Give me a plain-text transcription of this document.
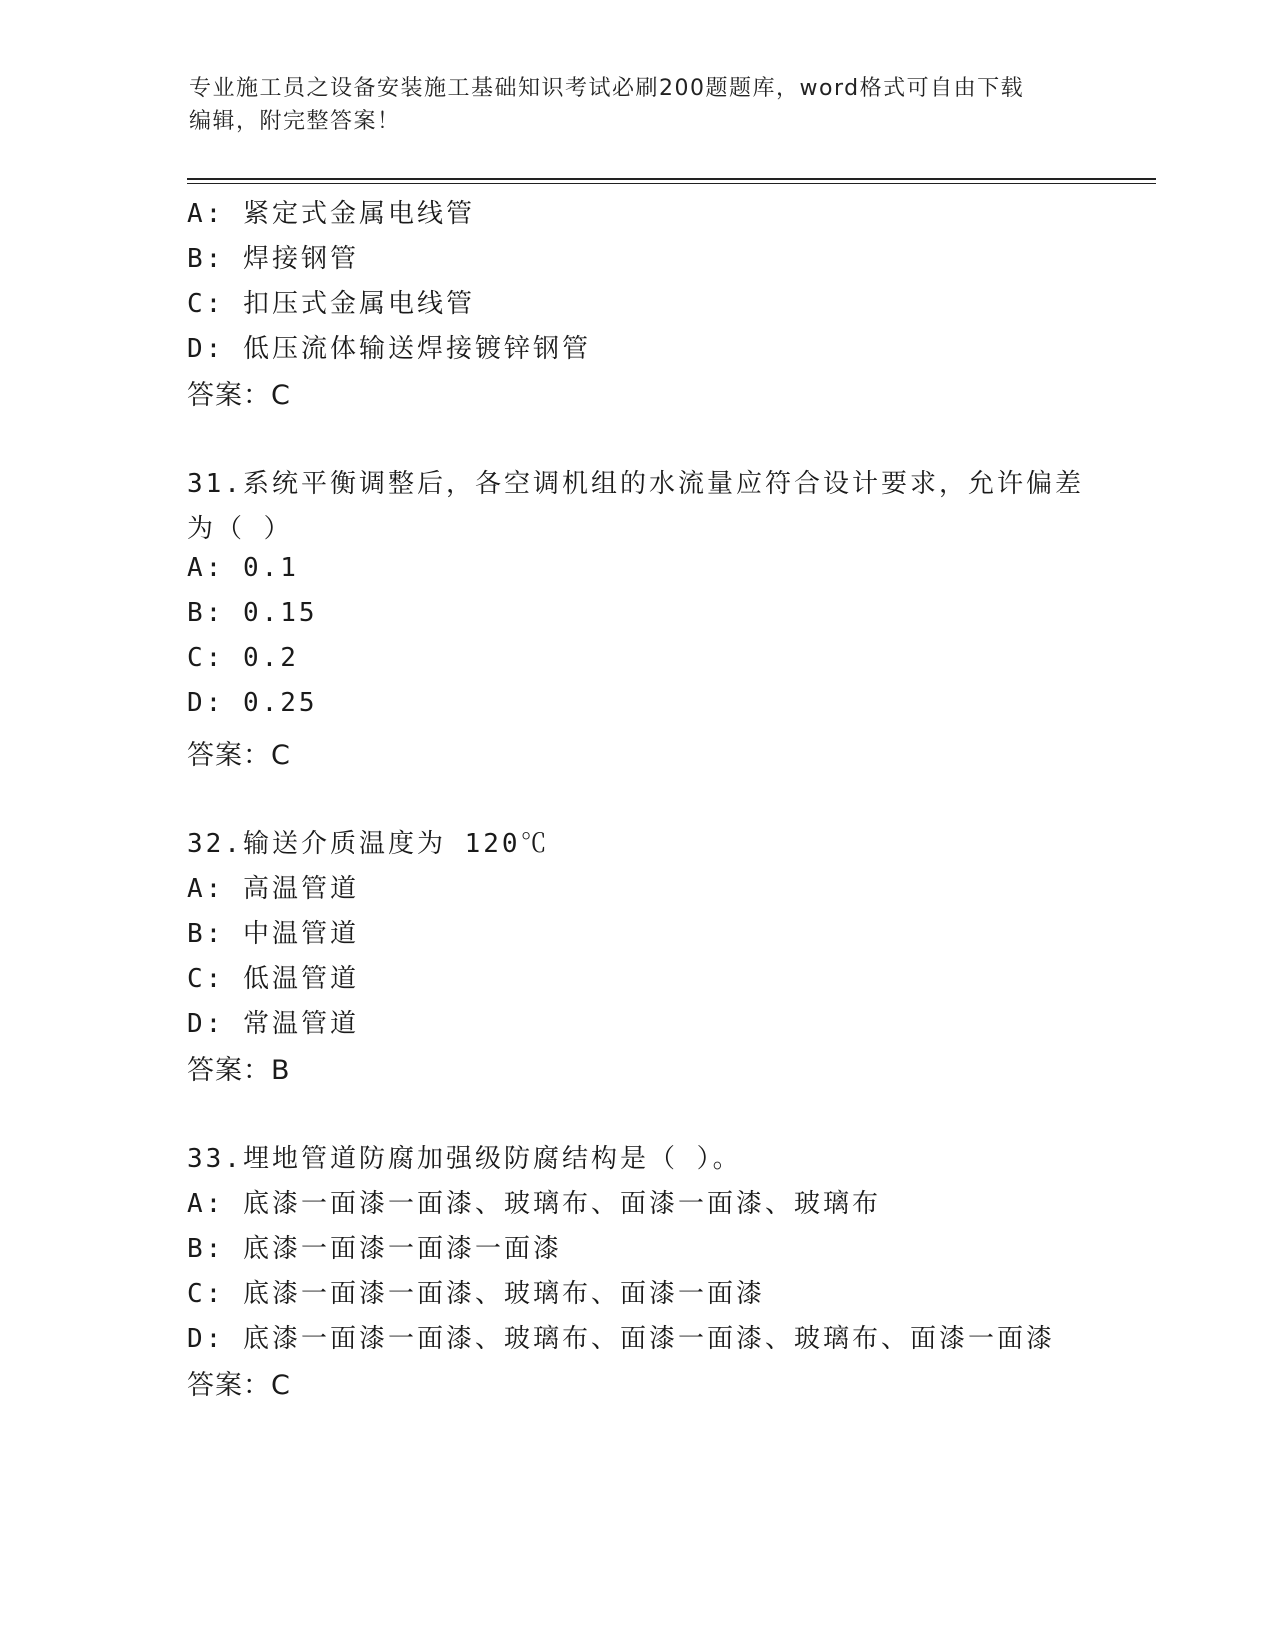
专业施工员之设备安装施工基础知识考试必刷200题题库，word格式可自由下载
编辑，附完整答案！
A: 紧定式金属电线管
B: 焊接钢管
C: 扣压式金属电线管
D: 低压流体输送焊接镀锌钢管
答案：C
31.系统平衡调整后，各空调机组的水流量应符合设计要求，允许偏差
为（ ）
A: 0.1
B: 0.15
C: 0.2
D: 0.25
答案：C
32.输送介质温度为 120℃
A: 高温管道
B: 中温管道
C: 低温管道
D: 常温管道
答案：B
33.埋地管道防腐加强级防腐结构是（ ）。
A: 底漆一面漆一面漆、玻璃布、面漆一面漆、玻璃布
B: 底漆一面漆一面漆一面漆
C: 底漆一面漆一面漆、玻璃布、面漆一面漆
D: 底漆一面漆一面漆、玻璃布、面漆一面漆、玻璃布、面漆一面漆
答案：C
